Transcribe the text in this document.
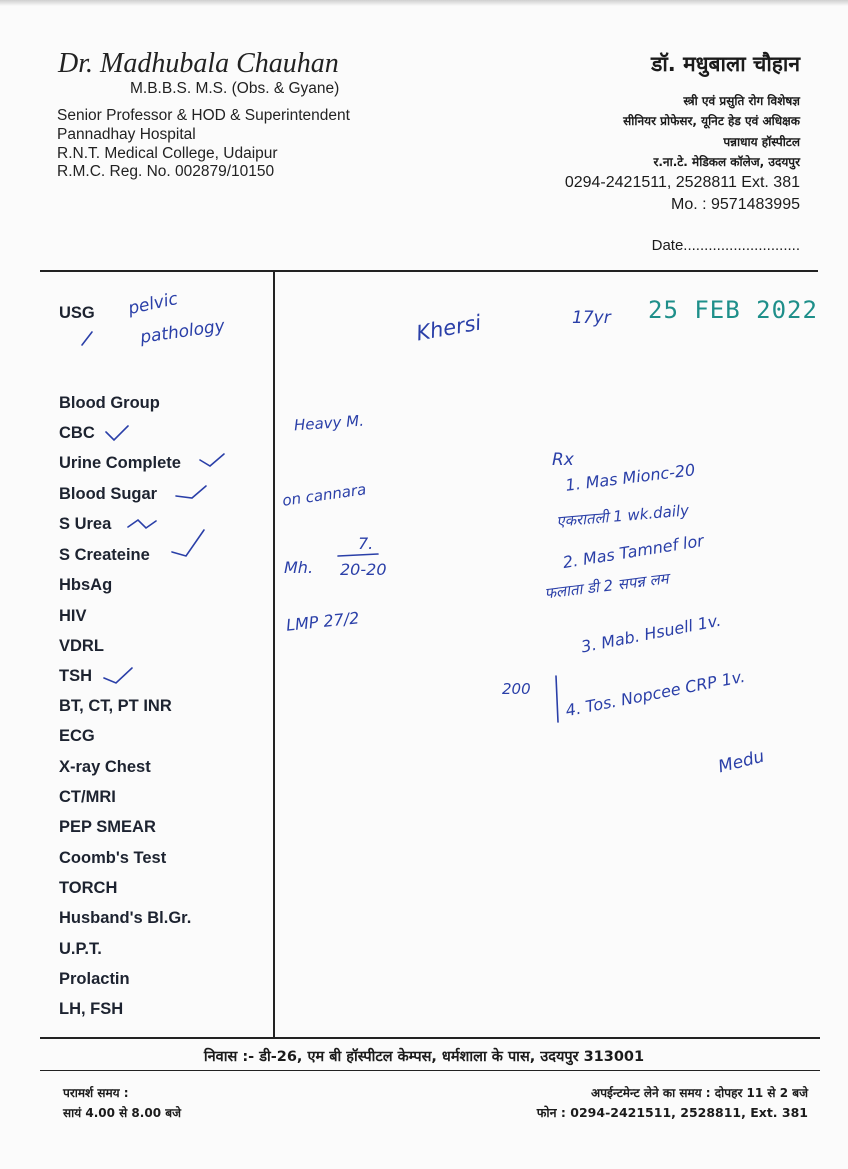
Dr. Madhubala Chauhan
M.B.B.S. M.S. (Obs. & Gyane)
Senior Professor & HOD & Superintendent
Pannadhay Hospital
R.N.T. Medical College, Udaipur
R.M.C. Reg. No. 002879/10150
डॉ. मधुबाला चौहान
स्त्री एवं प्रसुति रोग विशेषज्ञ
सीनियर प्रोफेसर, यूनिट हेड एवं अधिक्षक
पन्नाधाय हॉस्पीटल
र.ना.टे. मेडिकल कॉलेज, उदयपुर
0294-2421511, 2528811 Ext. 381
Mo. : 9571483995
Date............................
USG
Blood Group
CBC
Urine Complete
Blood Sugar
S Urea
S Createine
HbsAg
HIV
VDRL
TSH
BT, CT, PT INR
ECG
X-ray Chest
CT/MRI
PEP SMEAR
Coomb's Test
TORCH
Husband's Bl.Gr.
U.P.T.
Prolactin
LH, FSH
25 FEB 2022
pelvic
pathology	Khersi	17yr
Heavy M.
on cannara
Mh.
7.
20-20
LMP 27/2
Rx
1. Mas Mionc-20
एकरातली 1 wk.daily
2. Mas Tamnef lor
फलाता डी 2 सपन्न लम
3. Mab. Hsuell 1v.
200 4. Tos. Nopcee CRP 1v.
Medu
निवास :- डी-26, एम बी हॉस्पीटल केम्पस, धर्मशाला के पास, उदयपुर 313001
परामर्श समय :
सायं 4.00 से 8.00 बजे
अपईन्टमेन्ट लेने का समय : दोपहर 11 से 2 बजे
फोन : 0294-2421511, 2528811, Ext. 381
